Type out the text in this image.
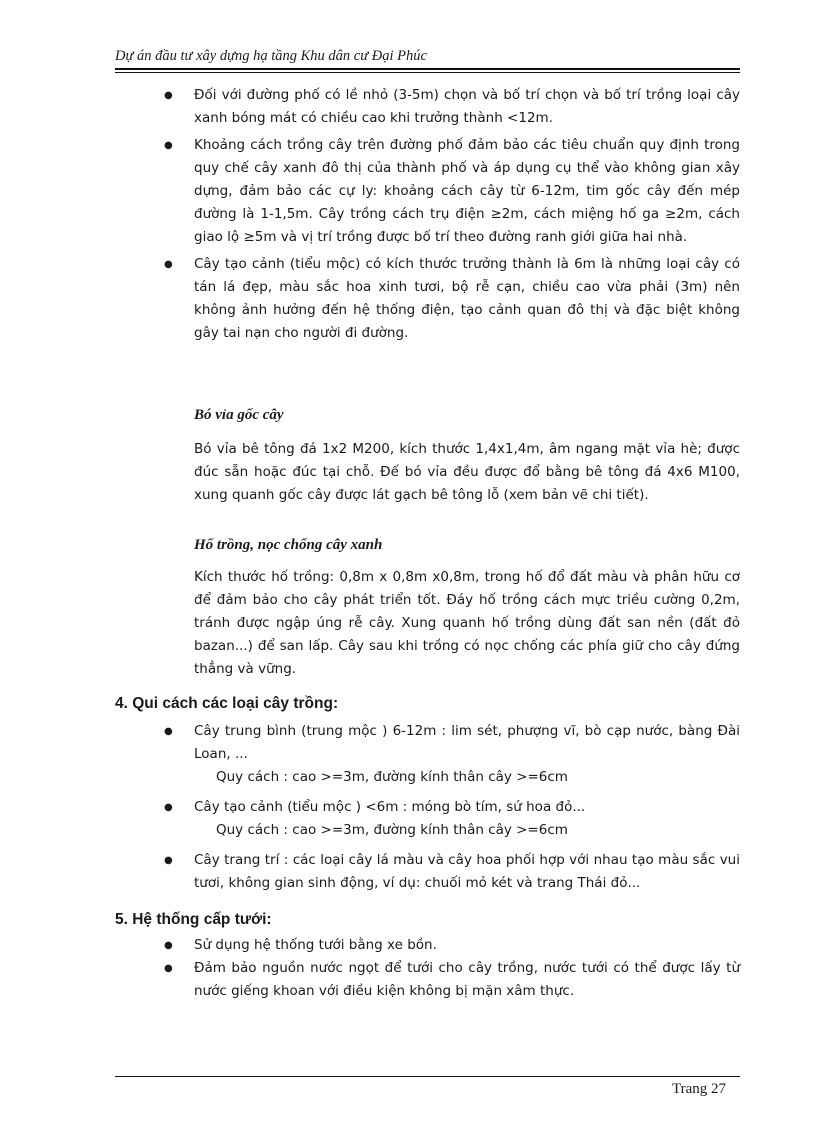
Dự án đầu tư xây dựng hạ tầng Khu dân cư Đại Phúc
● Đối với đường phố có lề nhỏ (3-5m) chọn và bố trí chọn và bố trí trồng loại cây xanh bóng mát có chiều cao khi trưởng thành <12m.
● Khoảng cách trồng cây trên đường phố đảm bảo các tiêu chuẩn quy định trong quy chế cây xanh đô thị của thành phố và áp dụng cụ thể vào không gian xây dựng, đảm bảo các cự ly: khoảng cách cây từ 6-12m, tim gốc cây đến mép đường là 1-1,5m. Cây trồng cách trụ điện ≥2m, cách miệng hố ga ≥2m, cách giao lộ ≥5m và vị trí trồng được bố trí theo đường ranh giới giữa hai nhà.
● Cây tạo cảnh (tiểu mộc) có kích thước trưởng thành là 6m là những loại cây có tán lá đẹp, màu sắc hoa xinh tươi, bộ rễ cạn, chiều cao vừa phải (3m) nên không ảnh hưởng đến hệ thống điện, tạo cảnh quan đô thị và đặc biệt không gây tai nạn cho người đi đường.
Bó vỉa gốc cây
Bó vỉa bê tông đá 1x2 M200, kích thước 1,4x1,4m, âm ngang mặt vỉa hè; được đúc sẵn hoặc đúc tại chỗ. Đế bó vỉa đều được đổ bằng bê tông đá 4x6 M100, xung quanh gốc cây được lát gạch bê tông lỗ (xem bản vẽ chi tiết).
Hố trồng, nọc chống cây xanh
Kích thước hố trồng: 0,8m x 0,8m x0,8m, trong hố đổ đất màu và phân hữu cơ để đảm bảo cho cây phát triển tốt. Đáy hố trồng cách mực triều cường 0,2m, tránh được ngập úng rễ cây. Xung quanh hố trồng dùng đất san nền (đất đỏ bazan...) để san lấp. Cây sau khi trồng có nọc chống các phía giữ cho cây đứng thẳng và vững.
4. Qui cách các loại cây trồng:
● Cây trung bình (trung mộc ) 6-12m : lim sét, phượng vĩ, bò cạp nước, bàng Đài Loan, ...
Quy cách : cao >=3m, đường kính thân cây >=6cm
● Cây tạo cảnh (tiểu mộc ) <6m : móng bò tím, sứ hoa đỏ...
Quy cách : cao >=3m, đường kính thân cây >=6cm
● Cây trang trí : các loại cây lá màu và cây hoa phối hợp với nhau tạo màu sắc vui tươi, không gian sinh động, ví dụ: chuối mỏ két và trang Thái đỏ...
5. Hệ thống cấp tưới:
● Sử dụng hệ thống tưới bằng xe bồn.
● Đảm bảo nguồn nước ngọt để tưới cho cây trồng, nước tưới có thể được lấy từ nước giếng khoan với điều kiện không bị mặn xâm thực.
Trang 27
